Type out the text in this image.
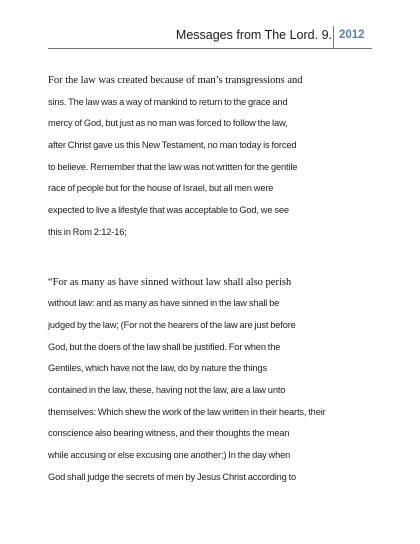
Messages from The Lord. 9. 2012
For the law was created because of man’s transgressions and
sins. The law was a way of mankind to return to the grace and
mercy of God, but just as no man was forced to follow the law,
after Christ gave us this New Testament, no man today is forced
to believe. Remember that the law was not written for the gentile
race of people but for the house of Israel, but all men were
expected to live a lifestyle that was acceptable to God, we see
this in Rom 2:12-16;
“For as many as have sinned without law shall also perish
without law: and as many as have sinned in the law shall be
judged by the law; (For not the hearers of the law are just before
God, but the doers of the law shall be justified. For when the
Gentiles, which have not the law, do by nature the things
contained in the law, these, having not the law, are a law unto
themselves: Which shew the work of the law written in their hearts, their
conscience also bearing witness, and their thoughts the mean
while accusing or else excusing one another;) In the day when
God shall judge the secrets of men by Jesus Christ according to
